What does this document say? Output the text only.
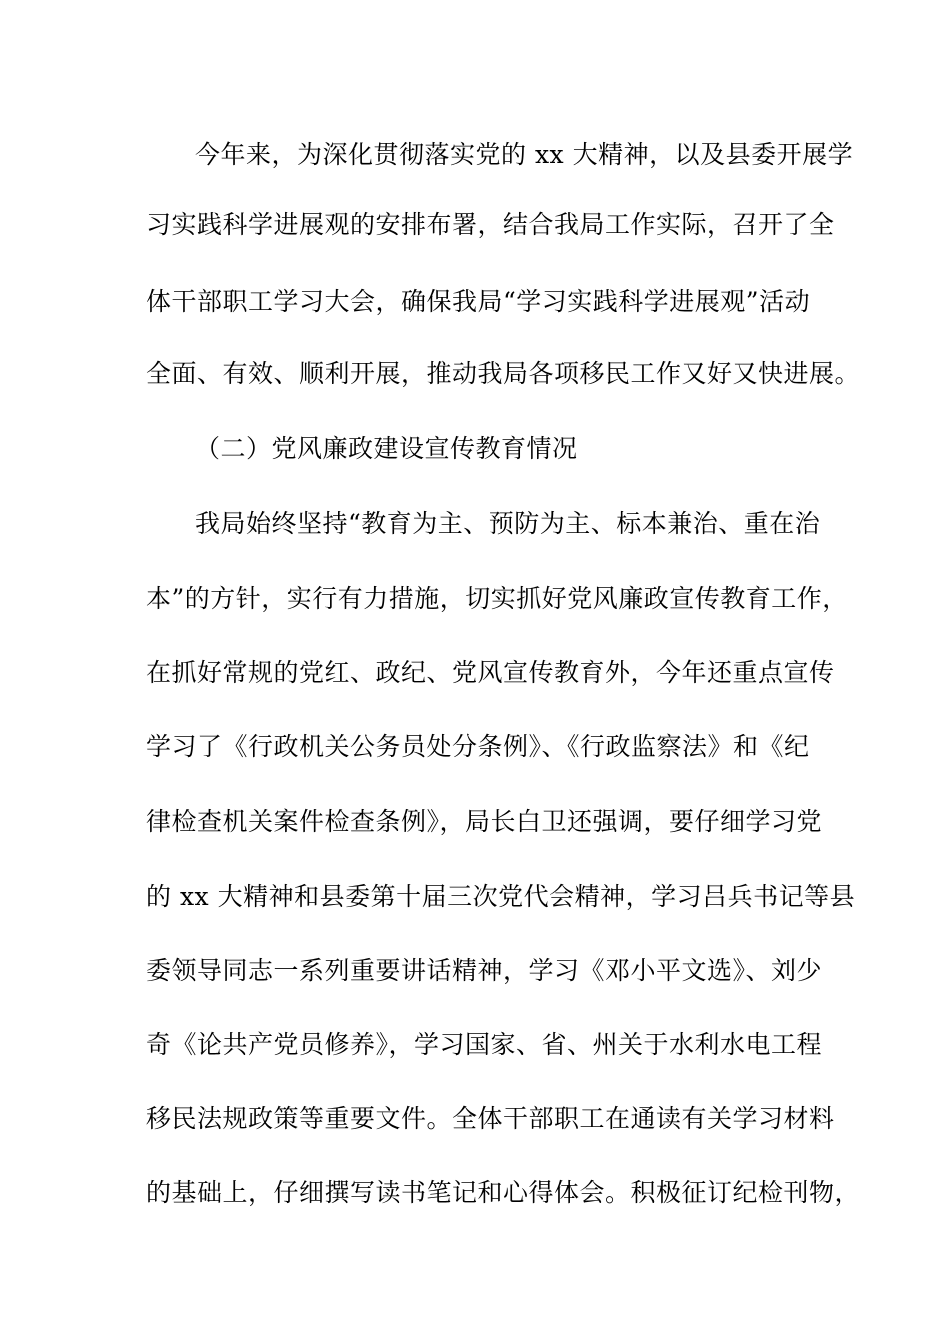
今年来，为深化贯彻落实党的 xx 大精神，以及县委开展学
习实践科学进展观的安排布署，结合我局工作实际，召开了全
体干部职工学习大会，确保我局“学习实践科学进展观”活动
全面、有效、顺利开展，推动我局各项移民工作又好又快进展。
（二）党风廉政建设宣传教育情况
我局始终坚持“教育为主、预防为主、标本兼治、重在治
本”的方针，实行有力措施，切实抓好党风廉政宣传教育工作，
在抓好常规的党红、政纪、党风宣传教育外，今年还重点宣传
学习了《行政机关公务员处分条例》、《行政监察法》和《纪
律检查机关案件检查条例》，局长白卫还强调，要仔细学习党
的 xx 大精神和县委第十届三次党代会精神，学习吕兵书记等县
委领导同志一系列重要讲话精神，学习《邓小平文选》、刘少
奇《论共产党员修养》，学习国家、省、州关于水利水电工程
移民法规政策等重要文件。全体干部职工在通读有关学习材料
的基础上，仔细撰写读书笔记和心得体会。积极征订纪检刊物，
